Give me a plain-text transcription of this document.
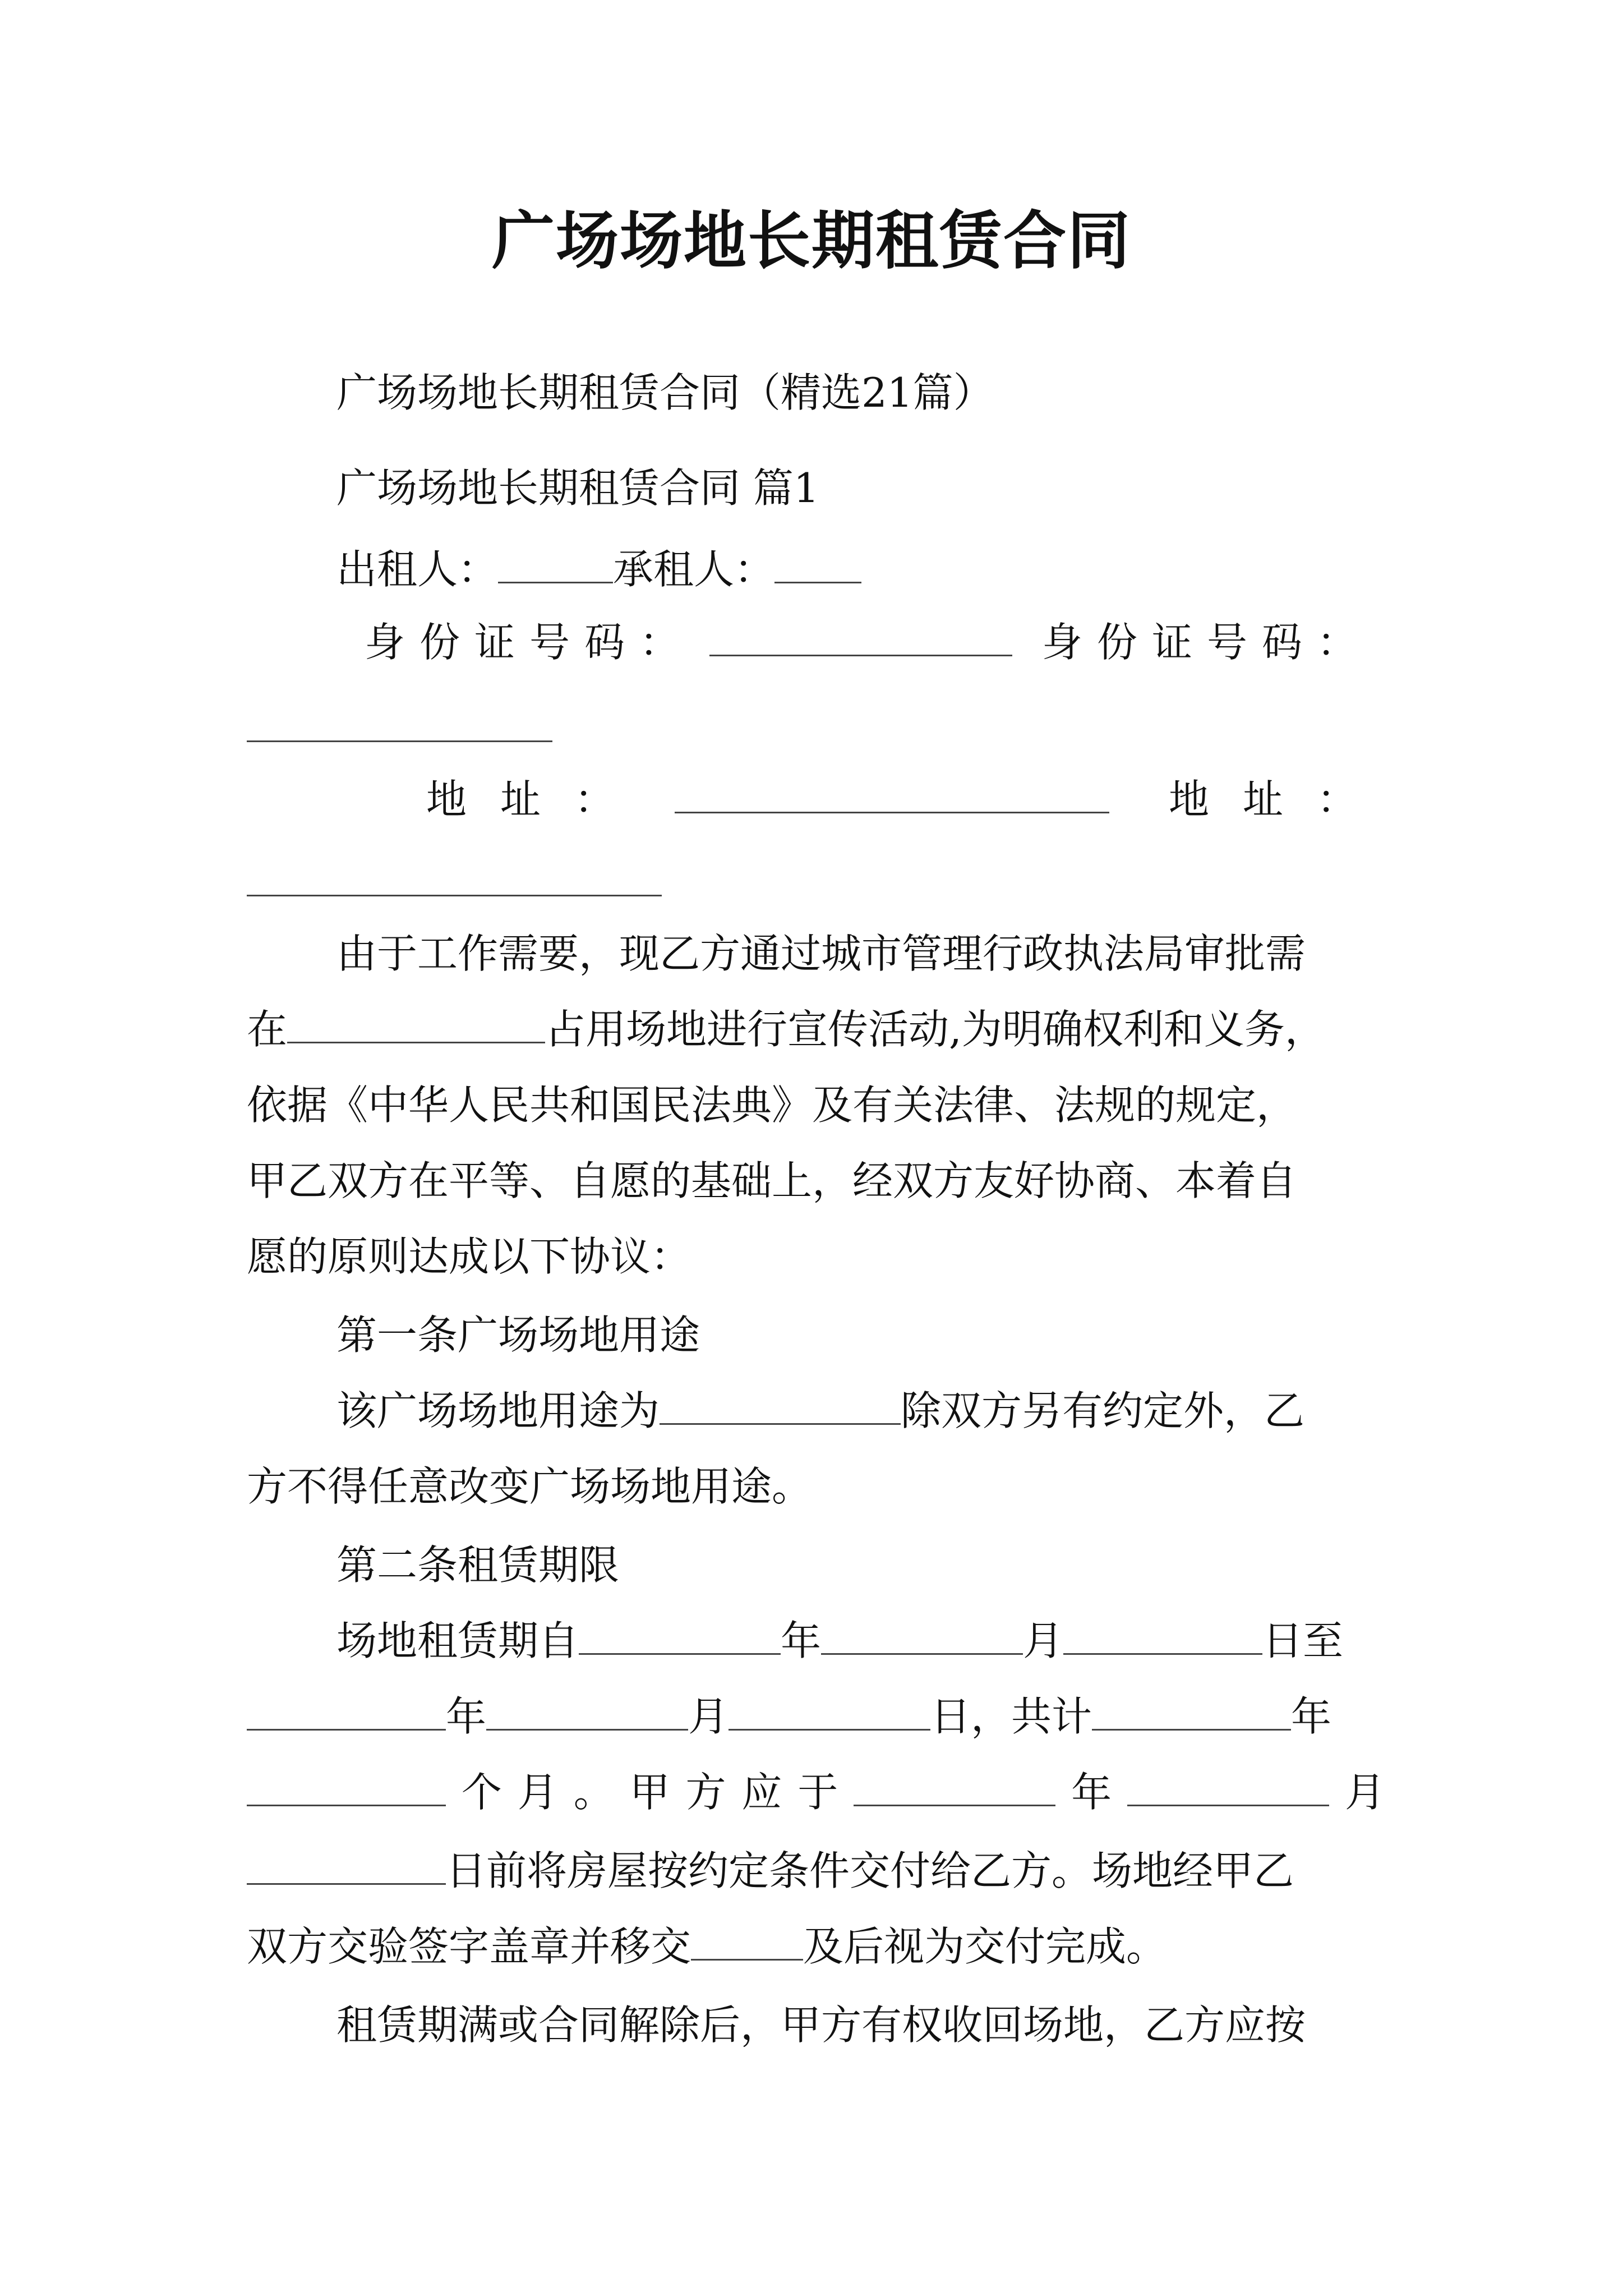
广场场地长期租赁合同
广场场地长期租赁合同（精选21篇）
广场场地长期租赁合同 篇1
出租人：	承租人：
身 份 证 号 码 ：	身 份 证 号 码 ：
地 址 ：	地 址 ：
由于工作需要，现乙方通过城市管理行政执法局审批需
在	占用场地进行宣传活动,为明确权利和义务，
依据《中华人民共和国民法典》及有关法律、法规的规定，
甲乙双方在平等、自愿的基础上，经双方友好协商、本着自
愿的原则达成以下协议：
第一条广场场地用途
该广场场地用途为	除双方另有约定外，乙
方不得任意改变广场场地用途。
第二条租赁期限
场地租赁期自	年	月	日至
年	月	日，共计	年
个 月 。 甲 方 应 于	年	月
日前将房屋按约定条件交付给乙方。场地经甲乙
双方交验签字盖章并移交	及后视为交付完成。
租赁期满或合同解除后，甲方有权收回场地，乙方应按
